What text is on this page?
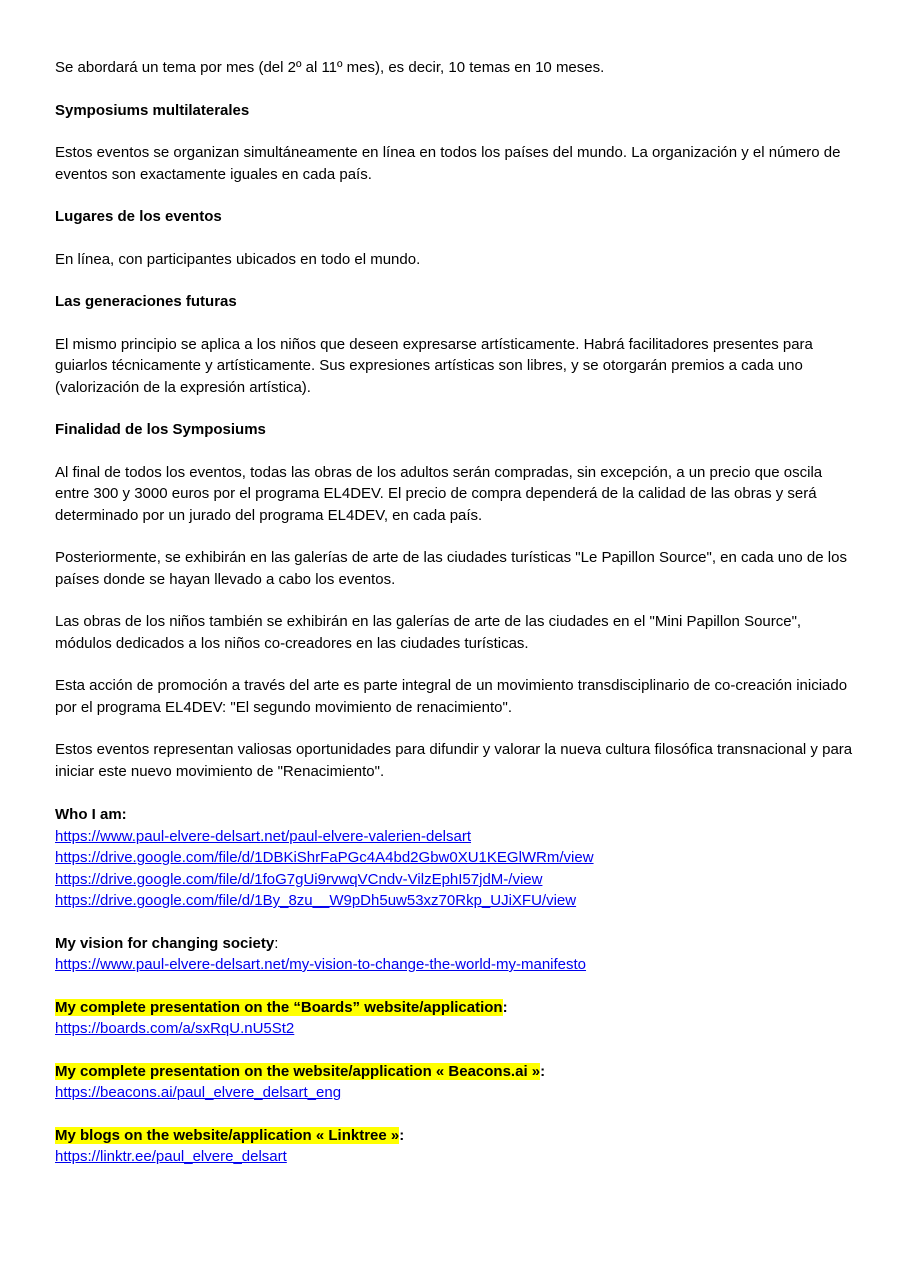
Se abordará un tema por mes (del 2º al 11º mes), es decir, 10 temas en 10 meses.

Symposiums multilaterales

Estos eventos se organizan simultáneamente en línea en todos los países del mundo. La organización y el número de eventos son exactamente iguales en cada país.

Lugares de los eventos

En línea, con participantes ubicados en todo el mundo.

Las generaciones futuras

El mismo principio se aplica a los niños que deseen expresarse artísticamente. Habrá facilitadores presentes para guiarlos técnicamente y artísticamente. Sus expresiones artísticas son libres, y se otorgarán premios a cada uno (valorización de la expresión artística).

Finalidad de los Symposiums

Al final de todos los eventos, todas las obras de los adultos serán compradas, sin excepción, a un precio que oscila entre 300 y 3000 euros por el programa EL4DEV. El precio de compra dependerá de la calidad de las obras y será determinado por un jurado del programa EL4DEV, en cada país.

Posteriormente, se exhibirán en las galerías de arte de las ciudades turísticas "Le Papillon Source", en cada uno de los países donde se hayan llevado a cabo los eventos.

Las obras de los niños también se exhibirán en las galerías de arte de las ciudades en el "Mini Papillon Source", módulos dedicados a los niños co-creadores en las ciudades turísticas.

Esta acción de promoción a través del arte es parte integral de un movimiento transdisciplinario de co-creación iniciado por el programa EL4DEV: "El segundo movimiento de renacimiento".

Estos eventos representan valiosas oportunidades para difundir y valorar la nueva cultura filosófica transnacional y para iniciar este nuevo movimiento de "Renacimiento".

Who I am:
https://www.paul-elvere-delsart.net/paul-elvere-valerien-delsart
https://drive.google.com/file/d/1DBKiShrFaPGc4A4bd2Gbw0XU1KEGlWRm/view
https://drive.google.com/file/d/1foG7gUi9rvwqVCndv-VilzEphI57jdM-/view
https://drive.google.com/file/d/1By_8zu__W9pDh5uw53xz70Rkp_UJiXFU/view
My vision for changing society:
https://www.paul-elvere-delsart.net/my-vision-to-change-the-world-my-manifesto
My complete presentation on the “Boards” website/application:
https://boards.com/a/sxRqU.nU5St2
My complete presentation on the website/application « Beacons.ai »:
https://beacons.ai/paul_elvere_delsart_eng
My blogs on the website/application « Linktree »:
https://linktr.ee/paul_elvere_delsart
